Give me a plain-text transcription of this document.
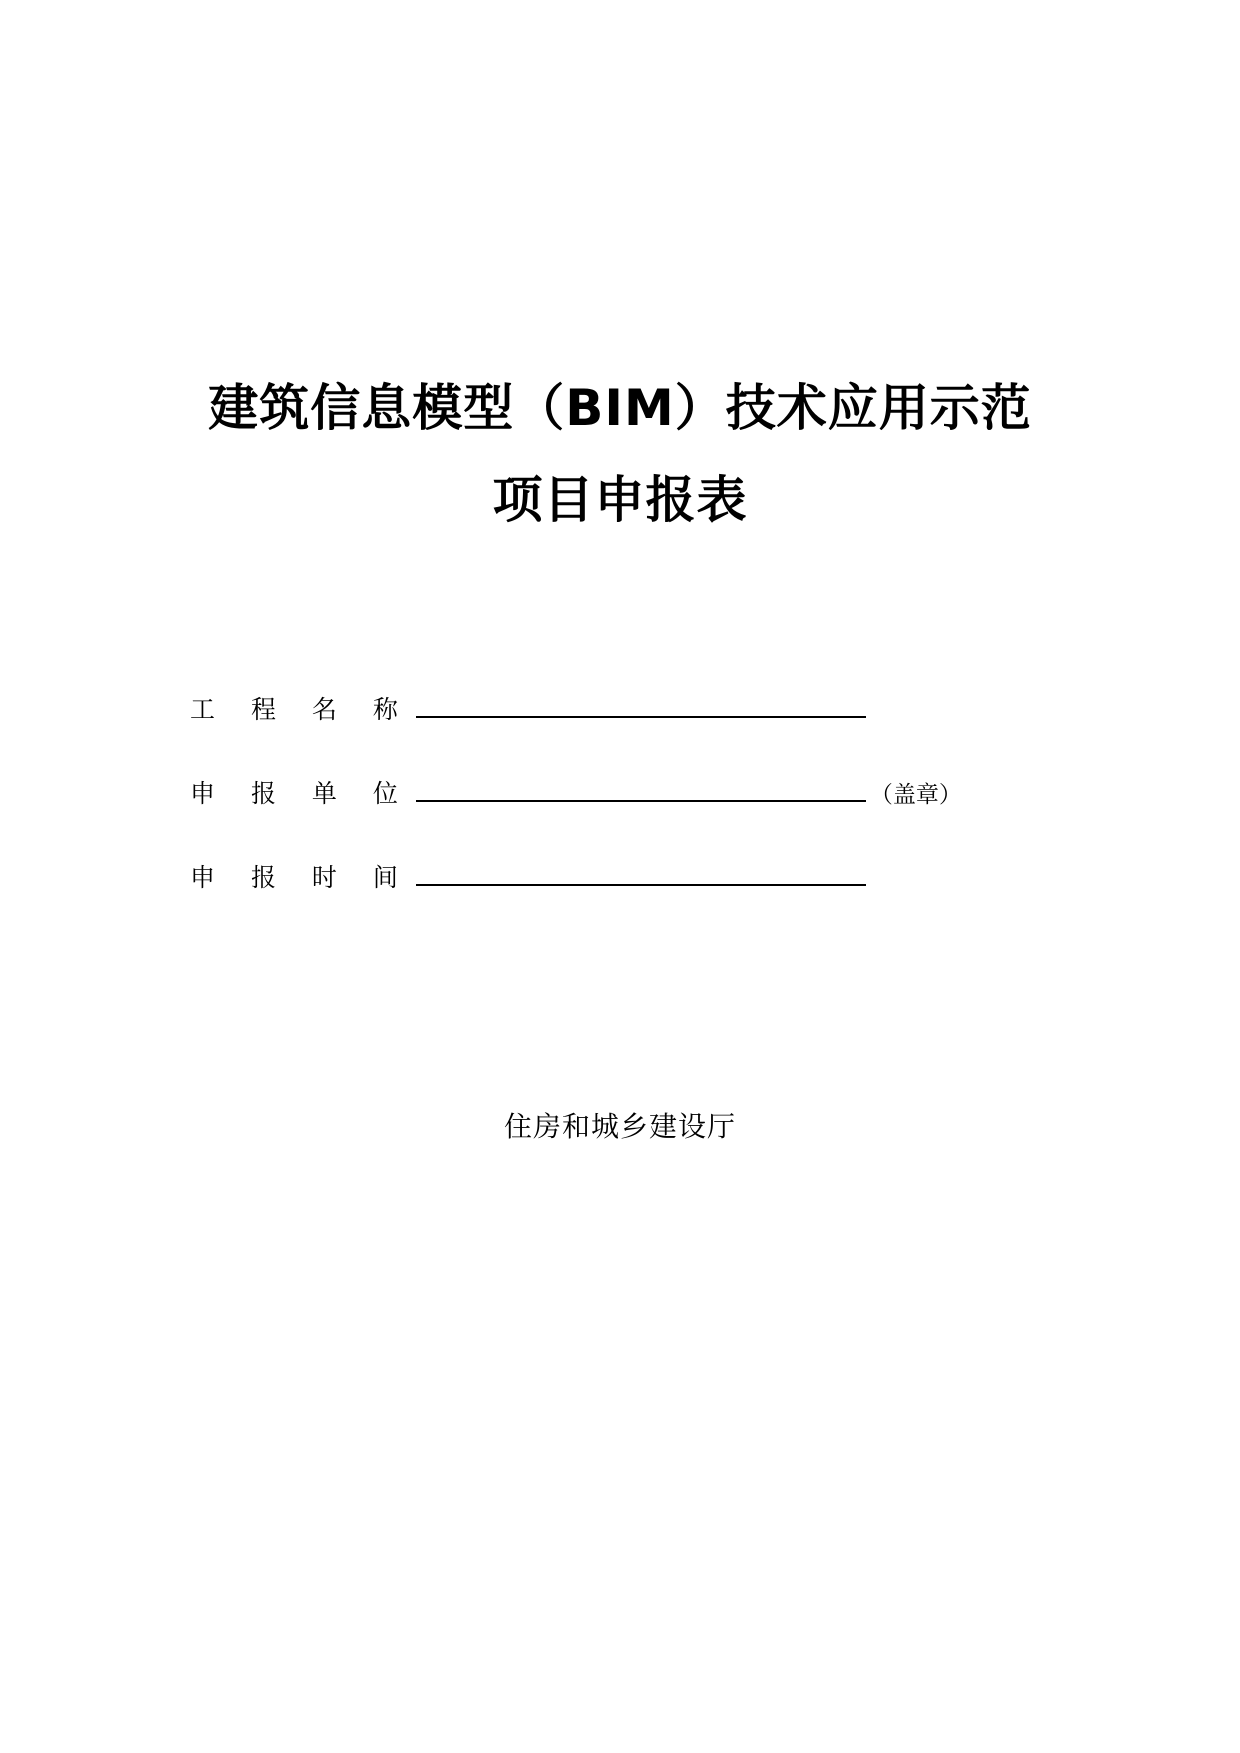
建筑信息模型（BIM）技术应用示范
项目申报表
工 程 名 称
申 报 单 位	（盖章）
申 报 时 间
住房和城乡建设厅
